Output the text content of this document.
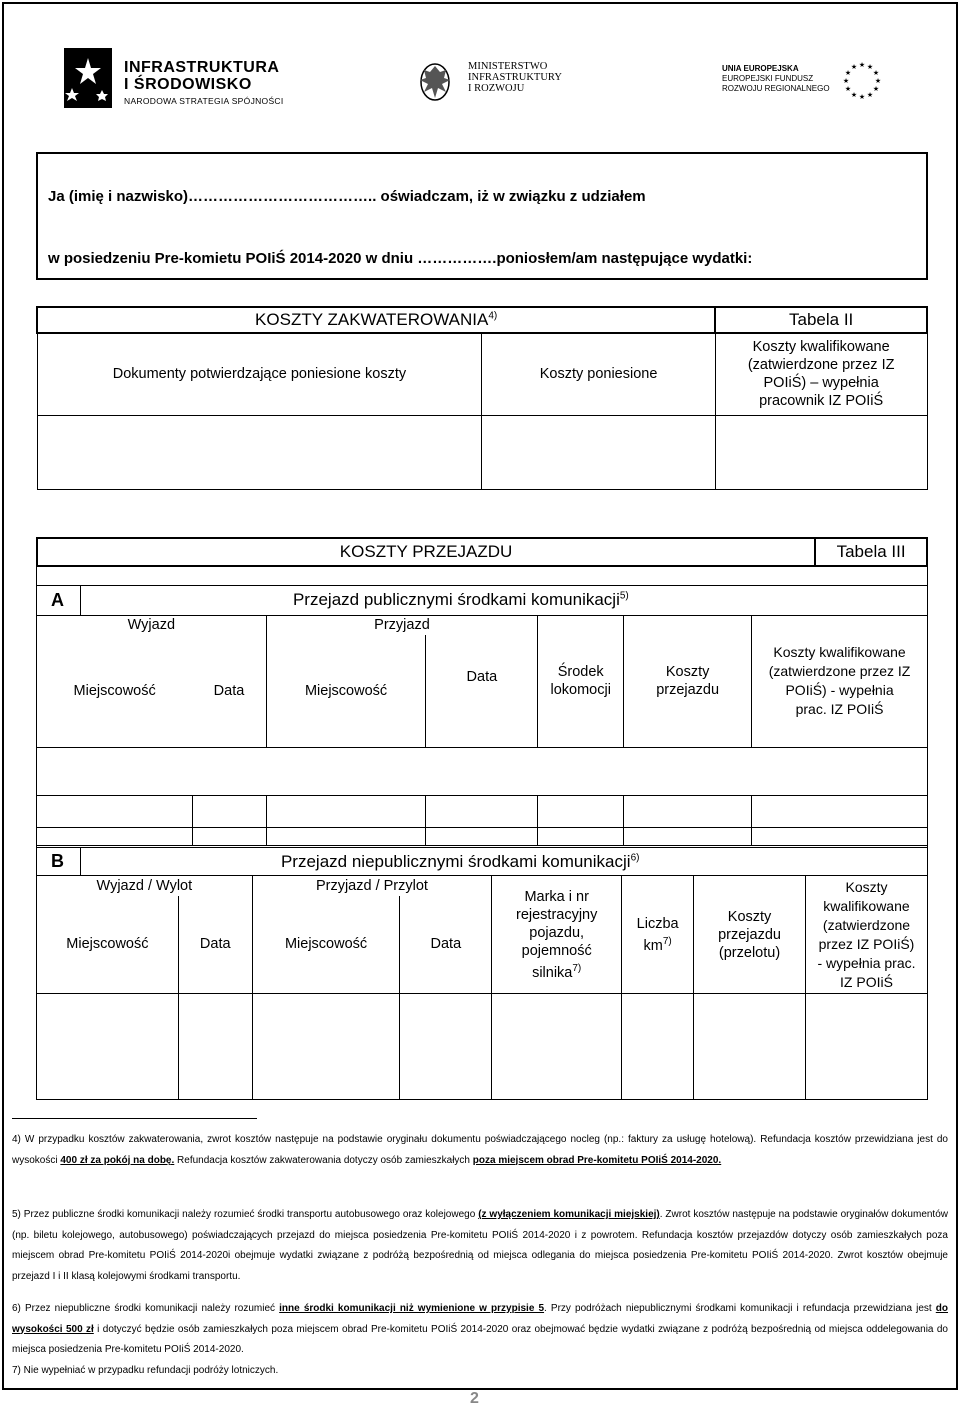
INFRASTRUKTURA
I ŚRODOWISKO
NARODOWA STRATEGIA SPÓJNOŚCI
MINISTERSTWO
INFRASTRUKTURY
I ROZWOJU
UNIA EUROPEJSKA
EUROPEJSKI FUNDUSZ
ROZWOJU REGIONALNEGO
★ ★
★
★
★
★
★
★
★
★
★
★
Ja (imię i nazwisko)……………………………….. oświadczam, iż w związku z udziałem
w posiedzeniu Pre-komietu POIiŚ 2014-2020 w dniu …………….poniosłem/am następujące wydatki:
KOSZTY ZAKWATEROWANIA$^{4)}$		Tabela II
Dokumenty potwierdzające poniesione koszty	Koszty poniesione	Koszty kwalifikowane (zatwierdzone przez IZ POIiŚ) – wypełnia pracownik IZ POIiŚ

KOSZTY PRZEJAZDU	Tabela III

A	Przejazd publicznymi środkami komunikacji$^{5)}$
Wyjazd			Przyjazd		Środek lokomocji	Koszty przejazdu	Koszty kwalifikowane (zatwierdzone przez IZ POIiŚ) - wypełnia prac. IZ POIiŚ
Miejscowość		Data	Miejscowość	Data			

B	Przejazd niepublicznymi środkami komunikacji$^{6)}$
Wyjazd / Wylot			Przyjazd / Przylot		Marka i nr rejestracyjny pojazdu, pojemność silnika$^{7)}$	Liczba $km^{7)}$	Koszty przejazdu (przelotu)	Koszty kwalifikowane (zatwierdzone przez IZ POIiŚ) - wypełnia prac. IZ POIiŚ
Miejscowość		Data	Miejscowość	Data				

4) W przypadku kosztów zakwaterowania, zwrot kosztów następuje na podstawie oryginału dokumentu poświadczającego nocleg (np.: faktury za usługę hotelową). Refundacja kosztów przewidziana jest do wysokości 400 zł za pokój na dobę. Refundacja kosztów zakwaterowania dotyczy osób zamieszkałych poza miejscem obrad Pre-komitetu POIiŚ 2014-2020.
5) Przez publiczne środki komunikacji należy rozumieć środki transportu autobusowego oraz kolejowego (z wyłączeniem komunikacji miejskiej). Zwrot kosztów następuje na podstawie oryginałów dokumentów (np. biletu kolejowego, autobusowego) poświadczających przejazd do miejsca posiedzenia Pre-komitetu POIiŚ 2014-2020 i z powrotem. Refundacja kosztów przejazdów dotyczy osób zamieszkałych poza miejscem obrad Pre-komitetu POIiŚ 2014-2020i obejmuje wydatki związane z podróżą bezpośrednią od miejsca odlegania do miejsca posiedzenia Pre-komitetu POIiŚ 2014-2020. Zwrot kosztów obejmuje przejazd I i II klasą kolejowymi środkami transportu.
6) Przez niepubliczne środki komunikacji należy rozumieć inne środki komunikacji niż wymienione w przypisie 5. Przy podróżach niepublicznymi środkami komunikacji i refundacja przewidziana jest do wysokości 500 zł i dotyczyć będzie osób zamieszkałych poza miejscem obrad Pre-komitetu POIiŚ 2014-2020 oraz obejmować będzie wydatki związane z podróżą bezpośrednią od miejsca oddelegowania do miejsca posiedzenia Pre-komitetu POIiŚ 2014-2020.
7) Nie wypełniać w przypadku refundacji podróży lotniczych.
2
